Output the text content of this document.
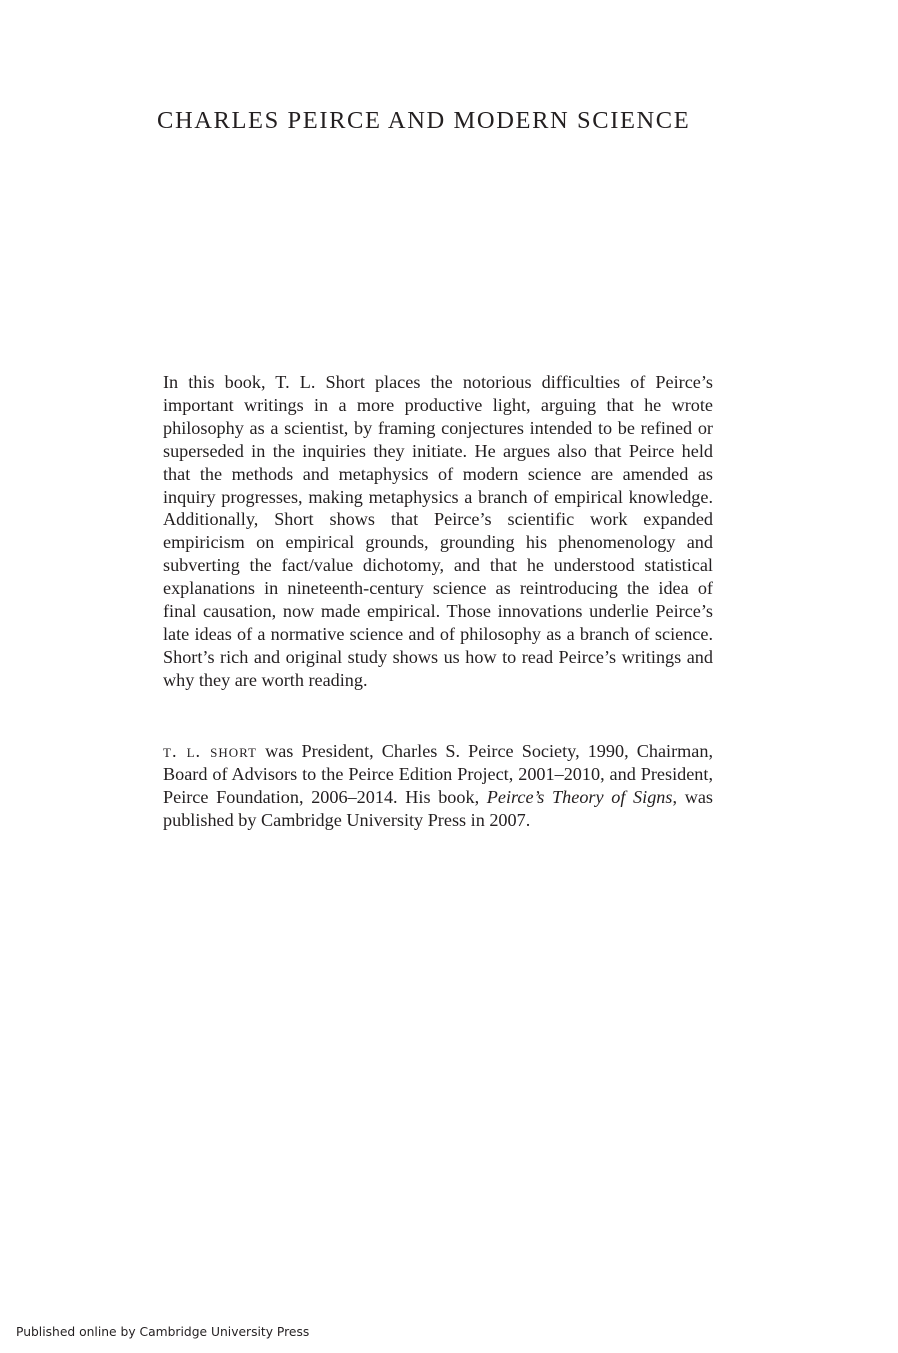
CHARLES PEIRCE AND MODERN SCIENCE

In this book, T. L. Short places the notorious difficulties of Peirce’s important writings in a more productive light, arguing that he wrote philosophy as a scientist, by framing conjectures intended to be refined or superseded in the inquiries they initiate. He argues also that Peirce held that the methods and metaphysics of modern science are amended as inquiry progresses, making metaphysics a branch of empirical knowledge. Additionally, Short shows that Peirce’s scientific work expanded empiricism on empirical grounds, grounding his phenomenology and subverting the fact/value dichotomy, and that he understood statistical explanations in nineteenth-century science as reintroducing the idea of final causation, now made empirical. Those innovations underlie Peirce’s late ideas of a normative science and of philosophy as a branch of science. Short’s rich and original study shows us how to read Peirce’s writings and why they are worth reading.

t. l. short was President, Charles S. Peirce Society, 1990, Chairman, Board of Advisors to the Peirce Edition Project, 2001–2010, and President, Peirce Foundation, 2006–2014. His book, Peirce’s Theory of Signs, was published by Cambridge University Press in 2007.

Published online by Cambridge University Press
